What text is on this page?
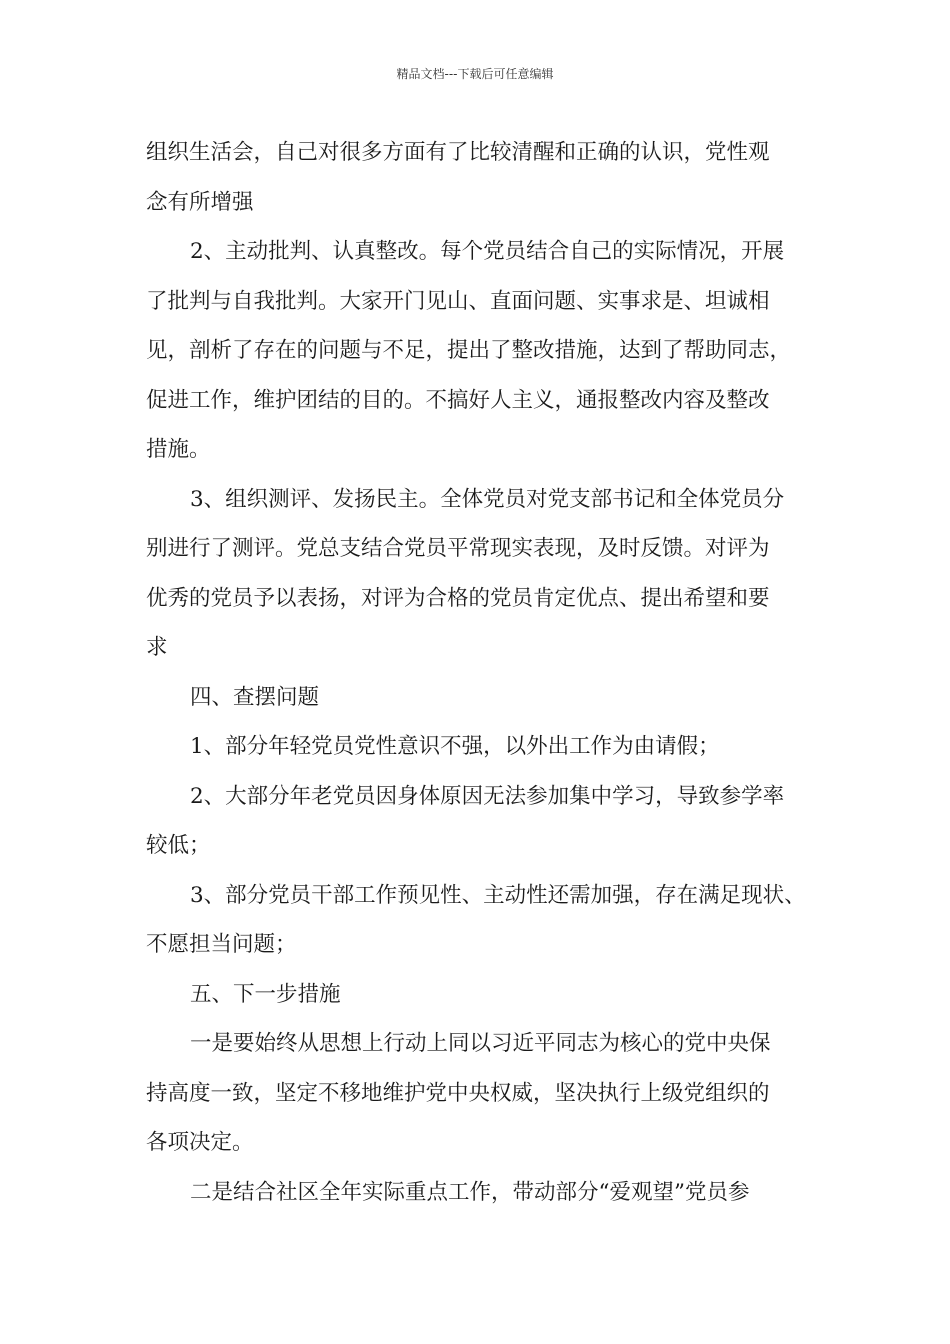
精品文档---下载后可任意编辑

组织生活会，自己对很多方面有了比较清醒和正确的认识，党性观
念有所增强

2、主动批判、认真整改。每个党员结合自己的实际情况，开展
了批判与自我批判。大家开门见山、直面问题、实事求是、坦诚相
见，剖析了存在的问题与不足，提出了整改措施，达到了帮助同志，
促进工作，维护团结的目的。不搞好人主义，通报整改内容及整改
措施。

3、组织测评、发扬民主。全体党员对党支部书记和全体党员分
别进行了测评。党总支结合党员平常现实表现，及时反馈。对评为
优秀的党员予以表扬，对评为合格的党员肯定优点、提出希望和要
求

四、查摆问题

1、部分年轻党员党性意识不强，以外出工作为由请假；

2、大部分年老党员因身体原因无法参加集中学习，导致参学率
较低；

3、部分党员干部工作预见性、主动性还需加强，存在满足现状、
不愿担当问题；

五、下一步措施

一是要始终从思想上行动上同以习近平同志为核心的党中央保
持高度一致，坚定不移地维护党中央权威，坚决执行上级党组织的
各项决定。

二是结合社区全年实际重点工作，带动部分“爱观望”党员参
